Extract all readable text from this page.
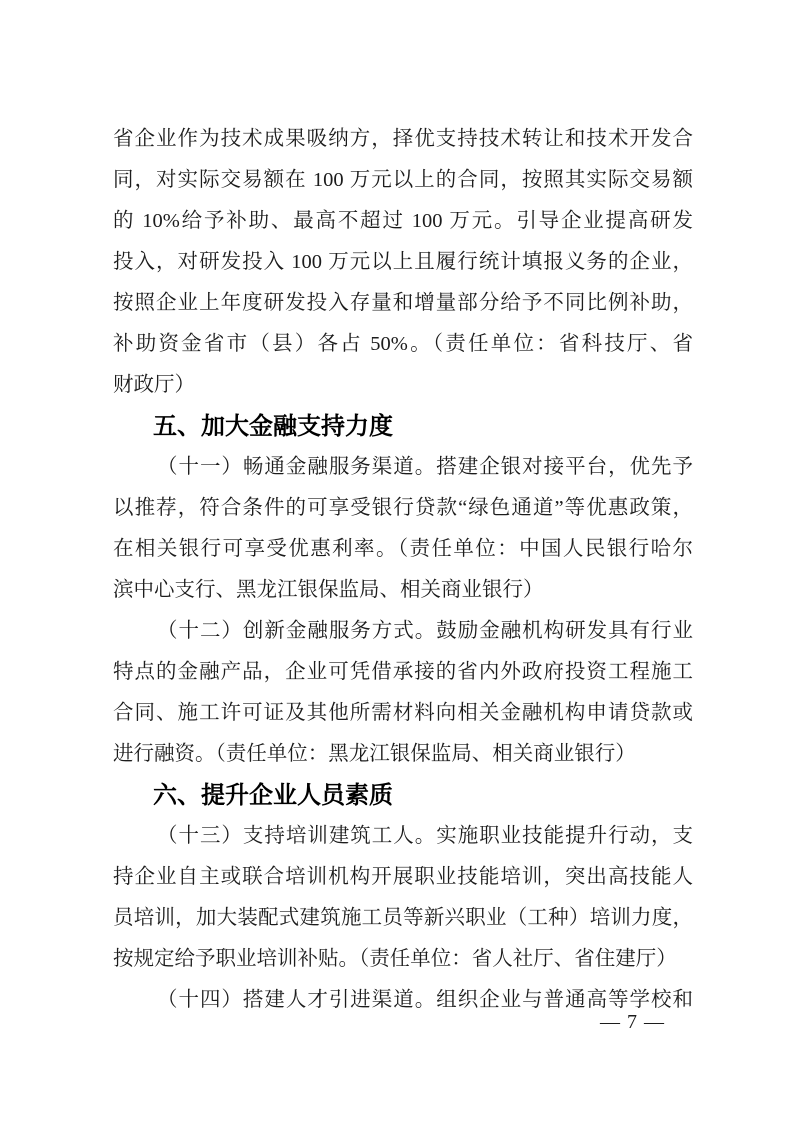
省企业作为技术成果吸纳方，择优支持技术转让和技术开发合
同，对实际交易额在 100 万元以上的合同，按照其实际交易额
的 10%给予补助、最高不超过 100 万元。引导企业提高研发
投入，对研发投入 100 万元以上且履行统计填报义务的企业，
按照企业上年度研发投入存量和增量部分给予不同比例补助，
补助资金省市（县）各占 50%。（责任单位：省科技厅、省
财政厅）
五、加大金融支持力度
（十一）畅通金融服务渠道。搭建企银对接平台，优先予
以推荐，符合条件的可享受银行贷款“绿色通道”等优惠政策，
在相关银行可享受优惠利率。（责任单位：中国人民银行哈尔
滨中心支行、黑龙江银保监局、相关商业银行）
（十二）创新金融服务方式。鼓励金融机构研发具有行业
特点的金融产品，企业可凭借承接的省内外政府投资工程施工
合同、施工许可证及其他所需材料向相关金融机构申请贷款或
进行融资。（责任单位：黑龙江银保监局、相关商业银行）
六、提升企业人员素质
（十三）支持培训建筑工人。实施职业技能提升行动，支
持企业自主或联合培训机构开展职业技能培训，突出高技能人
员培训，加大装配式建筑施工员等新兴职业（工种）培训力度，
按规定给予职业培训补贴。（责任单位：省人社厅、省住建厅）
（十四）搭建人才引进渠道。组织企业与普通高等学校和
— 7 —
